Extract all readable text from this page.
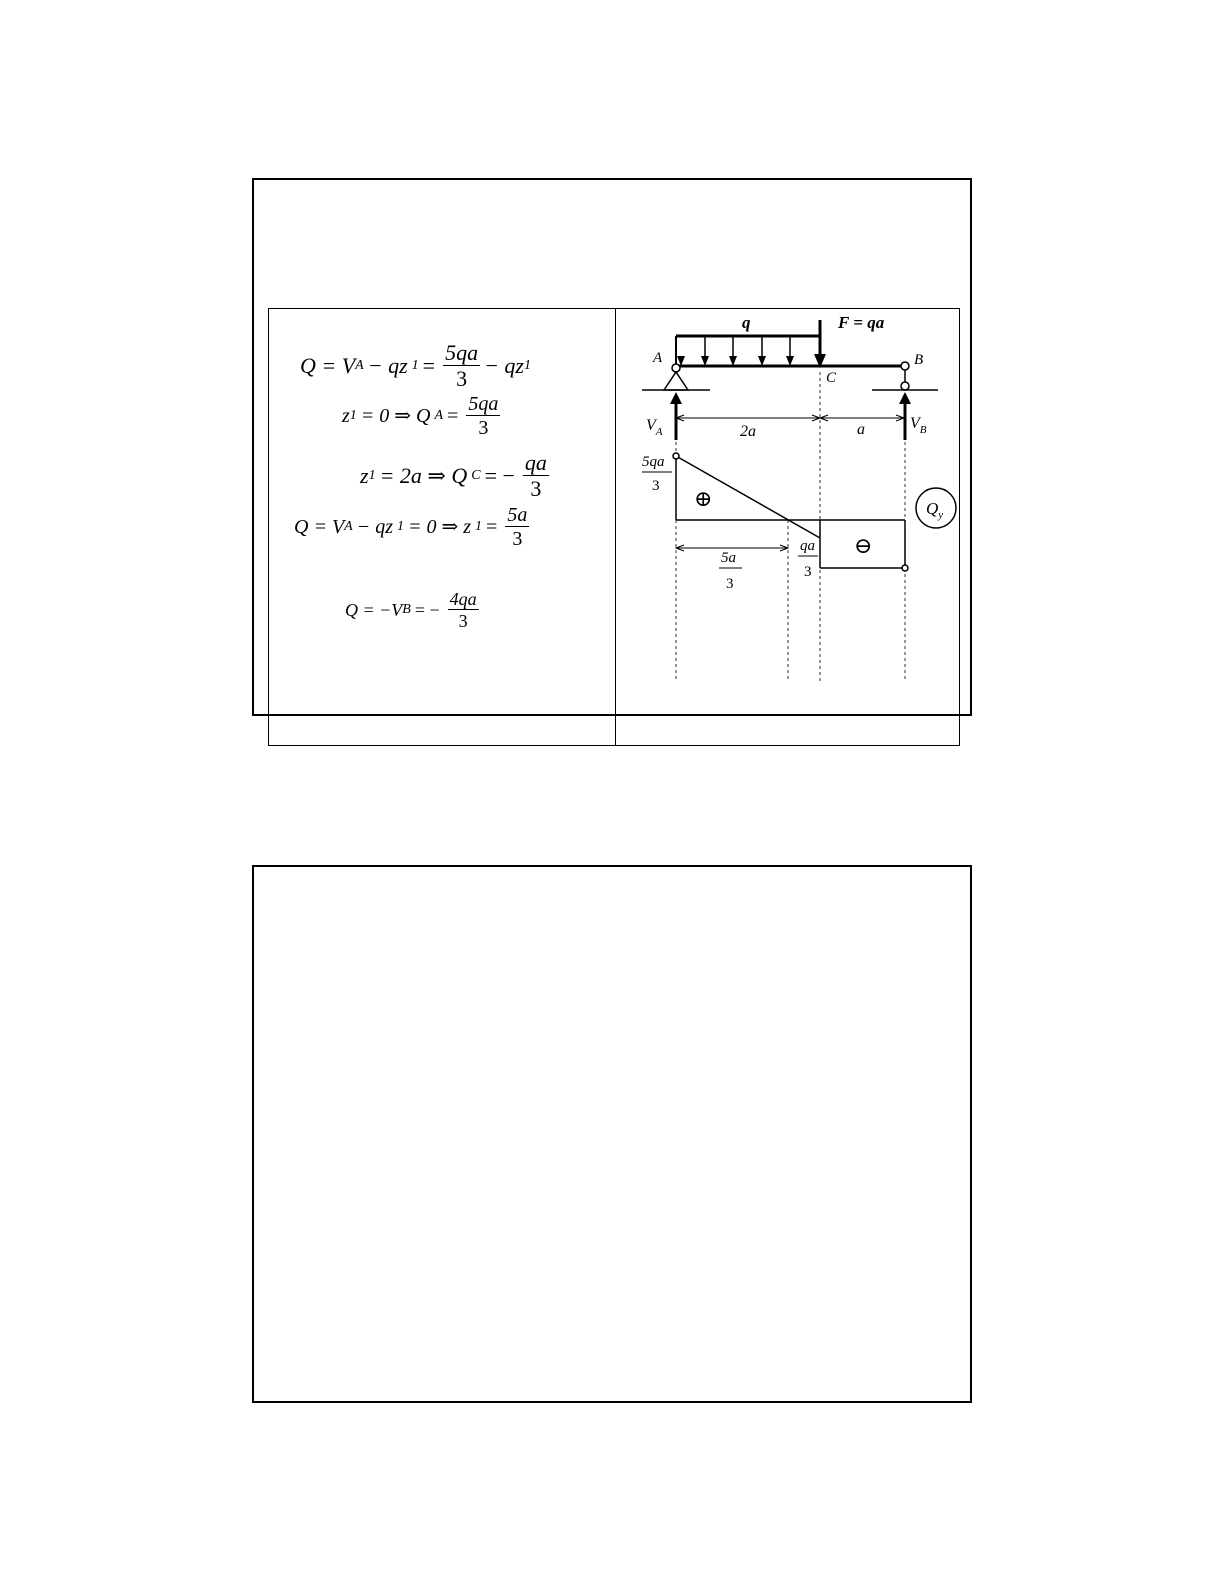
Q = V A − qz $1 = \frac{5qa}{3}$ − qz 1
z 1 = 0 ⇒ Q $A = \frac{5qa}{3}$
z 1 = 2a ⇒ Q C = − $\frac{qa}{3}$
Q = V A − qz 1 = 0 ⇒ z $1 = \frac{5a}{3}$
Q = −V B = − $\frac{4qa}{3}$
q	F = qa
A	B
C
$V_A$	$V_B$
2a	a
⊕
⊖
5qa
3
5a
3
qa
3
$Q_y$
